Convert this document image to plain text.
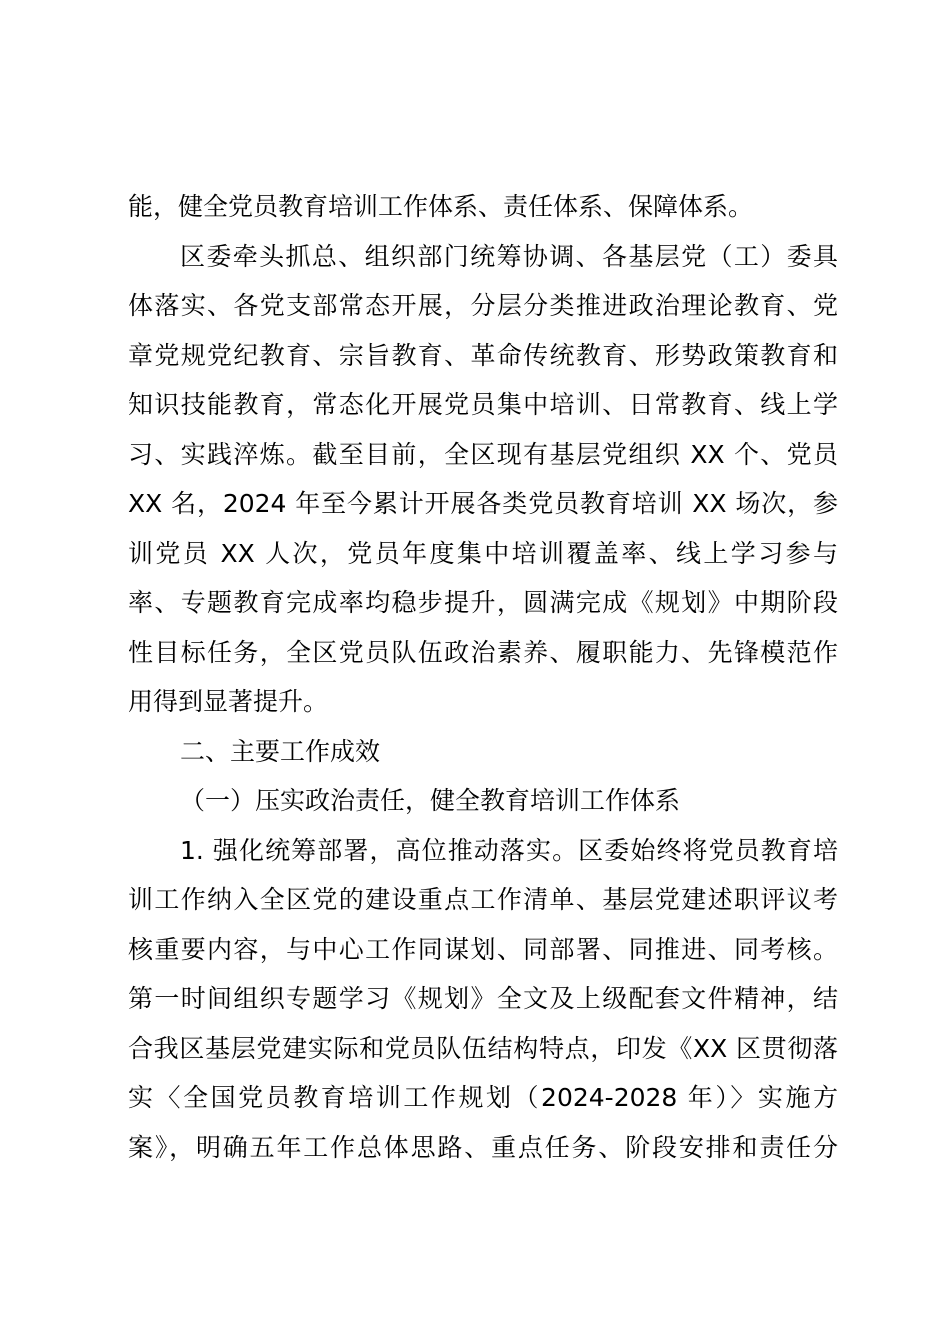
能，健全党员教育培训工作体系、责任体系、保障体系。
区委牵头抓总、组织部门统筹协调、各基层党（工）委具
体落实、各党支部常态开展，分层分类推进政治理论教育、党
章党规党纪教育、宗旨教育、革命传统教育、形势政策教育和
知识技能教育，常态化开展党员集中培训、日常教育、线上学
习、实践淬炼。截至目前，全区现有基层党组织 XX 个、党员
XX 名，2024 年至今累计开展各类党员教育培训 XX 场次，参
训党员 XX 人次，党员年度集中培训覆盖率、线上学习参与
率、专题教育完成率均稳步提升，圆满完成《规划》中期阶段
性目标任务，全区党员队伍政治素养、履职能力、先锋模范作
用得到显著提升。
二、主要工作成效
（一）压实政治责任，健全教育培训工作体系
1. 强化统筹部署，高位推动落实。区委始终将党员教育培
训工作纳入全区党的建设重点工作清单、基层党建述职评议考
核重要内容，与中心工作同谋划、同部署、同推进、同考核。
第一时间组织专题学习《规划》全文及上级配套文件精神，结
合我区基层党建实际和党员队伍结构特点，印发《XX 区贯彻落
实〈全国党员教育培训工作规划（2024-2028 年）〉实施方
案》，明确五年工作总体思路、重点任务、阶段安排和责任分
